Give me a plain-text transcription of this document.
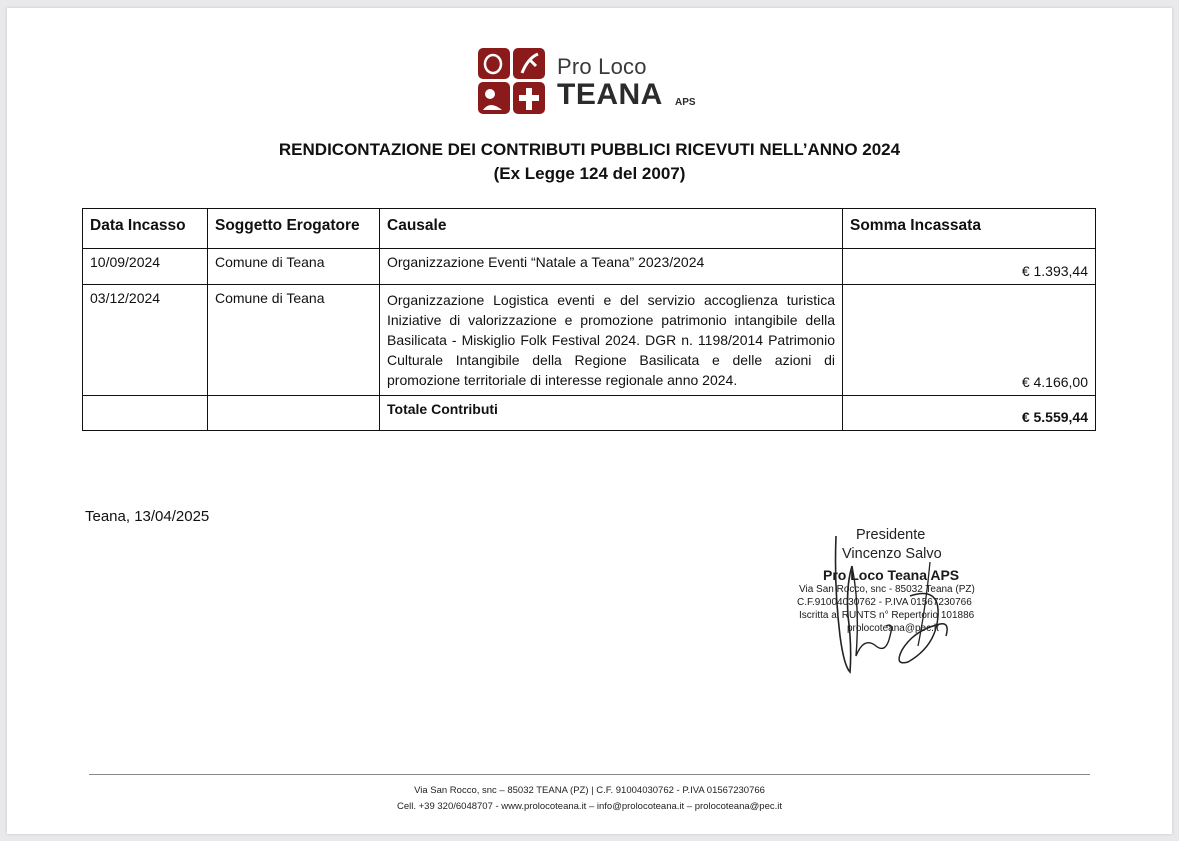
Pro Loco
TEANA APS
RENDICONTAZIONE DEI CONTRIBUTI PUBBLICI RICEVUTI NELL’ANNO 2024
(Ex Legge 124 del 2007)
Data Incasso	Soggetto Erogatore	Causale	Somma Incassata
10/09/2024	Comune di Teana	Organizzazione Eventi “Natale a Teana” 2023/2024	€ 1.393,44
03/12/2024	Comune di Teana	Organizzazione Logistica eventi e del servizio accoglienza turistica Iniziative di valorizzazione e promozione patrimonio intangibile della Basilicata - Miskiglio Folk Festival 2024. DGR n. 1198/2014 Patrimonio Culturale Intangibile della Regione Basilicata e delle azioni di promozione territoriale di interesse regionale anno 2024.	€ 4.166,00
		Totale Contributi	€ 5.559,44
Teana, 13/04/2025
Presidente
Vincenzo Salvo
Pro Loco Teana APS
Via San Rocco, snc - 85032 Teana (PZ)
C.F.91004030762 - P.IVA 01567230766
Iscritta al RUNTS n° Repertorio 101886
prolocoteana@pec.it
Via San Rocco, snc – 85032 TEANA (PZ) | C.F. 91004030762 - P.IVA 01567230766
Cell. +39 320/6048707 - www.prolocoteana.it – info@prolocoteana.it – prolocoteana@pec.it
